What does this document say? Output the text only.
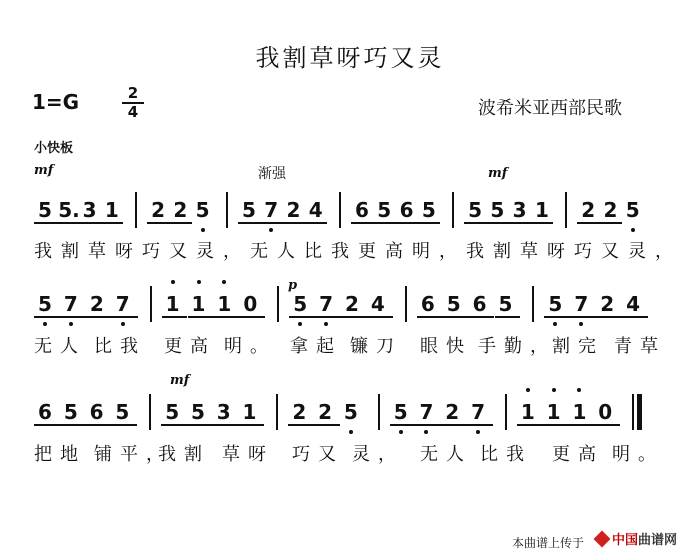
我割草呀巧又灵
1=G	2
4	波希米亚西部民歌
小快板
mf	渐强	mf
p
mf
5 5. 3 1 2 2 5 5 7 2 4 6 5 6 5 5 5 3 1 2 2 5
5 7 2 7 1 1 1 0 5 7 2 4 6 5 6 5 5 7 2 4
6 5 6 5 5 5 3 1 2 2 5 5 7 2 7 1 1 1 0
我割草呀巧又灵，无人比我更高明，我割草呀巧又灵，
无人 比我 更高 明。 拿起 镰刀 眼快 手勤，
割完 青草
把地 铺平，
我割 草呀 巧又 灵， 无人 比我 更高 明。
本曲谱上传于	中国曲谱网
